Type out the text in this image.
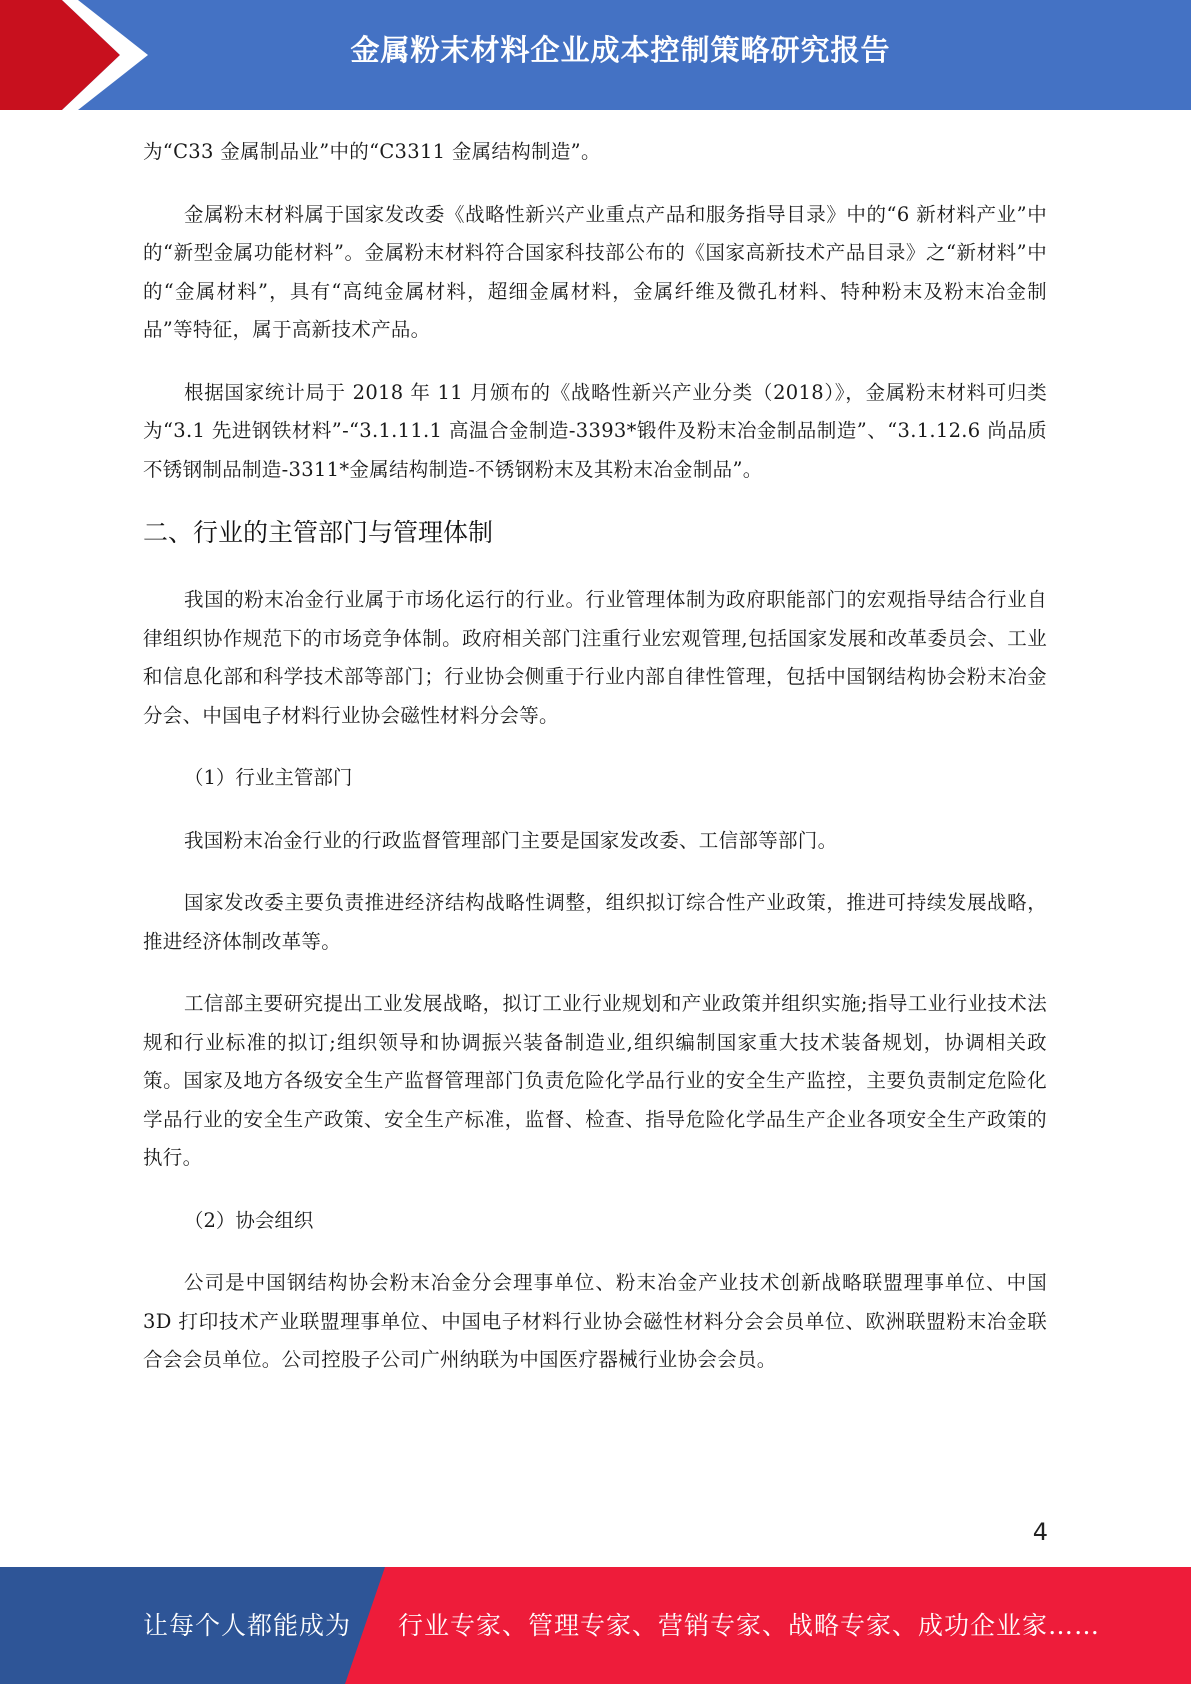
金属粉末材料企业成本控制策略研究报告

为“C33 金属制品业”中的“C3311 金属结构制造”。

金属粉末材料属于国家发改委《战略性新兴产业重点产品和服务指导目录》中的“6 新材料产业”中的“新型金属功能材料”。金属粉末材料符合国家科技部公布的《国家高新技术产品目录》之“新材料”中的“金属材料”，具有“高纯金属材料，超细金属材料，金属纤维及微孔材料、特种粉末及粉末冶金制品”等特征，属于高新技术产品。

根据国家统计局于 2018 年 11 月颁布的《战略性新兴产业分类（2018）》，金属粉末材料可归类为“3.1 先进钢铁材料”-“3.1.11.1 高温合金制造-3393*锻件及粉末冶金制品制造”、“3.1.12.6 尚品质不锈钢制品制造-3311*金属结构制造-不锈钢粉末及其粉末冶金制品”。

二、行业的主管部门与管理体制

我国的粉末冶金行业属于市场化运行的行业。行业管理体制为政府职能部门的宏观指导结合行业自律组织协作规范下的市场竞争体制。政府相关部门注重行业宏观管理,包括国家发展和改革委员会、工业和信息化部和科学技术部等部门；行业协会侧重于行业内部自律性管理，包括中国钢结构协会粉末冶金分会、中国电子材料行业协会磁性材料分会等。

（1）行业主管部门

我国粉末冶金行业的行政监督管理部门主要是国家发改委、工信部等部门。

国家发改委主要负责推进经济结构战略性调整，组织拟订综合性产业政策，推进可持续发展战略，推进经济体制改革等。

工信部主要研究提出工业发展战略，拟订工业行业规划和产业政策并组织实施;指导工业行业技术法规和行业标准的拟订;组织领导和协调振兴装备制造业,组织编制国家重大技术装备规划，协调相关政策。国家及地方各级安全生产监督管理部门负责危险化学品行业的安全生产监控，主要负责制定危险化学品行业的安全生产政策、安全生产标准，监督、检查、指导危险化学品生产企业各项安全生产政策的执行。

（2）协会组织

公司是中国钢结构协会粉末冶金分会理事单位、粉末冶金产业技术创新战略联盟理事单位、中国 3D 打印技术产业联盟理事单位、中国电子材料行业协会磁性材料分会会员单位、欧洲联盟粉末冶金联合会会员单位。公司控股子公司广州纳联为中国医疗器械行业协会会员。

4
让每个人都能成为 行业专家、管理专家、营销专家、战略专家、成功企业家……
